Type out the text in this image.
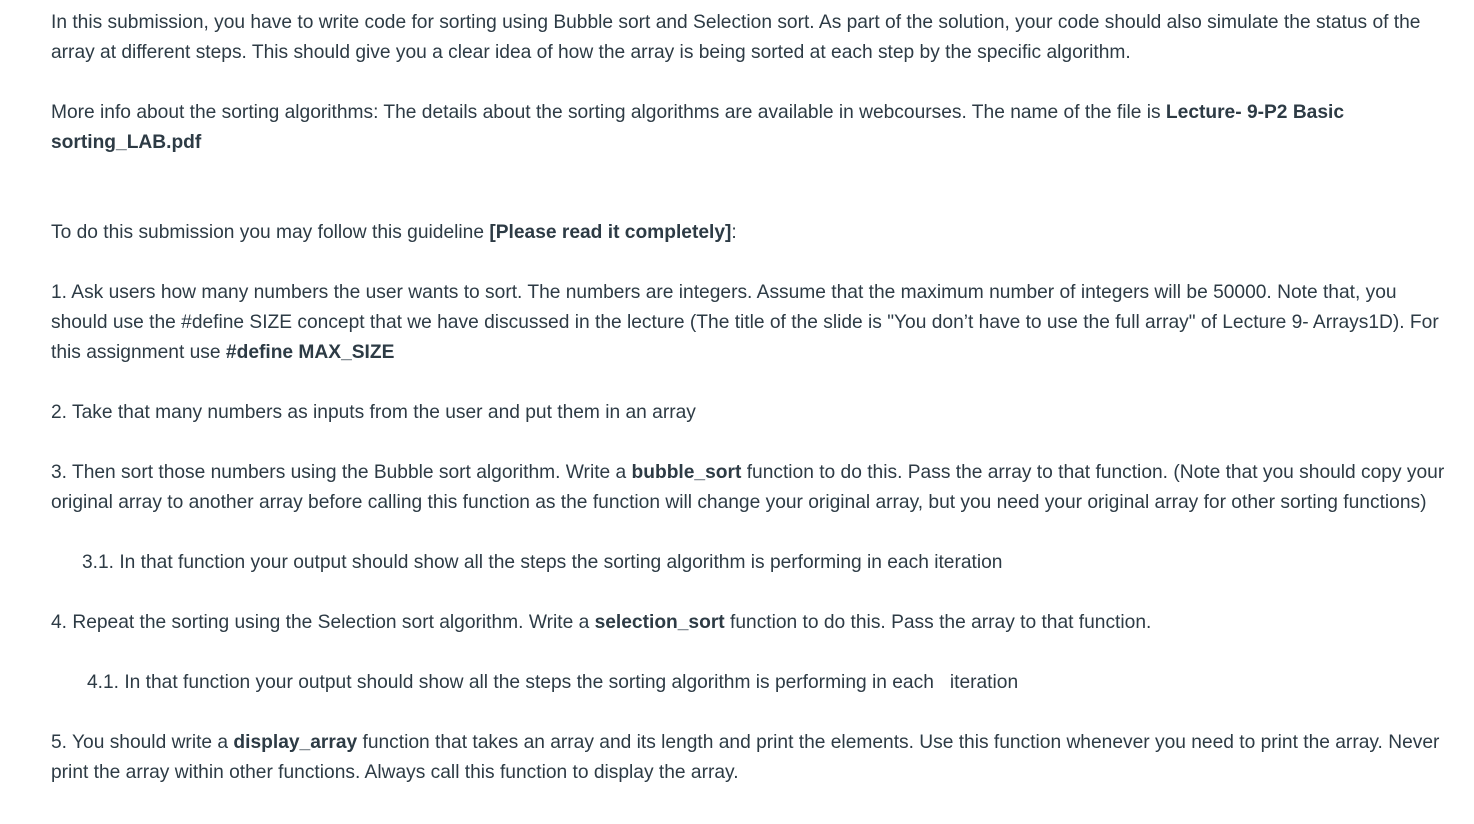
In this submission, you have to write code for sorting using Bubble sort and Selection sort. As part of the solution, your code should also simulate the status of the array at different steps. This should give you a clear idea of how the array is being sorted at each step by the specific algorithm.

More info about the sorting algorithms: The details about the sorting algorithms are available in webcourses. The name of the file is Lecture- 9-P2 Basic sorting_LAB.pdf

To do this submission you may follow this guideline [Please read it completely]:

1. Ask users how many numbers the user wants to sort. The numbers are integers. Assume that the maximum number of integers will be 50000. Note that, you should use the #define SIZE concept that we have discussed in the lecture (The title of the slide is "You don’t have to use the full array" of Lecture 9- Arrays1D). For this assignment use #define MAX_SIZE

2. Take that many numbers as inputs from the user and put them in an array

3. Then sort those numbers using the Bubble sort algorithm. Write a bubble_sort function to do this. Pass the array to that function. (Note that you should copy your original array to another array before calling this function as the function will change your original array, but you need your original array for other sorting functions)

3.1. In that function your output should show all the steps the sorting algorithm is performing in each iteration

4. Repeat the sorting using the Selection sort algorithm. Write a selection_sort function to do this. Pass the array to that function.

4.1. In that function your output should show all the steps the sorting algorithm is performing in each   iteration

5. You should write a display_array function that takes an array and its length and print the elements. Use this function whenever you need to print the array. Never print the array within other functions. Always call this function to display the array.
